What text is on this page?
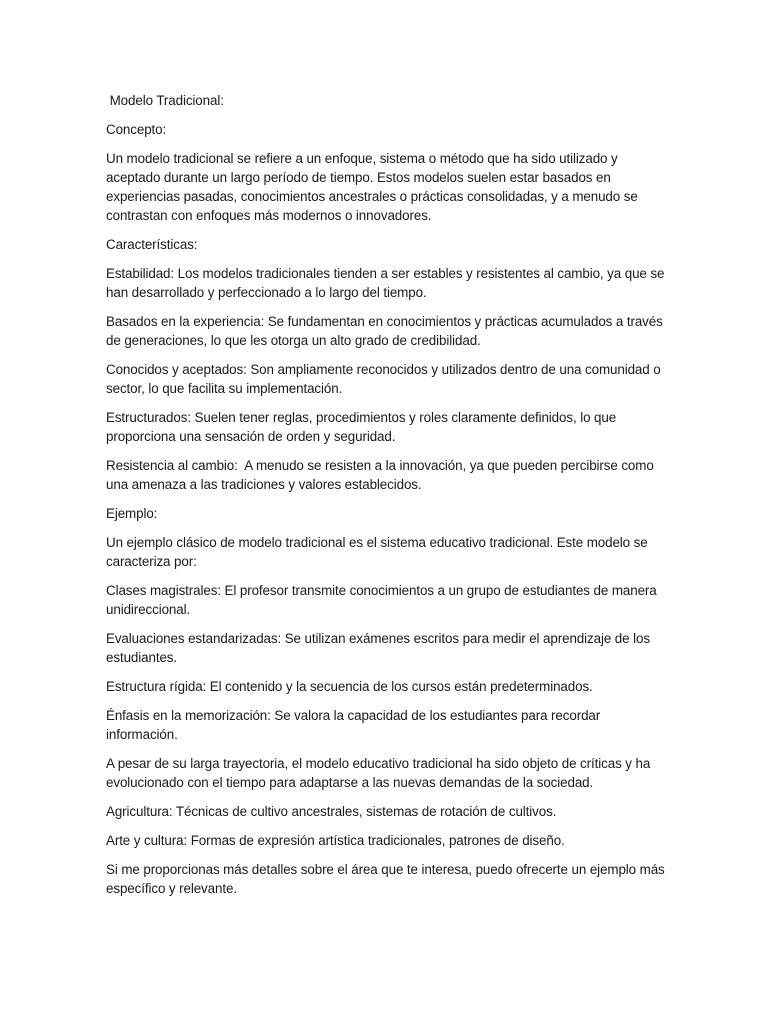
Modelo Tradicional:

Concepto:

Un modelo tradicional se refiere a un enfoque, sistema o método que ha sido utilizado y aceptado durante un largo período de tiempo. Estos modelos suelen estar basados en experiencias pasadas, conocimientos ancestrales o prácticas consolidadas, y a menudo se contrastan con enfoques más modernos o innovadores.

Características:

Estabilidad: Los modelos tradicionales tienden a ser estables y resistentes al cambio, ya que se han desarrollado y perfeccionado a lo largo del tiempo.

Basados en la experiencia: Se fundamentan en conocimientos y prácticas acumulados a través de generaciones, lo que les otorga un alto grado de credibilidad.

Conocidos y aceptados: Son ampliamente reconocidos y utilizados dentro de una comunidad o sector, lo que facilita su implementación.

Estructurados: Suelen tener reglas, procedimientos y roles claramente definidos, lo que proporciona una sensación de orden y seguridad.

Resistencia al cambio:  A menudo se resisten a la innovación, ya que pueden percibirse como una amenaza a las tradiciones y valores establecidos.

Ejemplo:

Un ejemplo clásico de modelo tradicional es el sistema educativo tradicional. Este modelo se caracteriza por:

Clases magistrales: El profesor transmite conocimientos a un grupo de estudiantes de manera unidireccional.

Evaluaciones estandarizadas: Se utilizan exámenes escritos para medir el aprendizaje de los estudiantes.

Estructura rígida: El contenido y la secuencia de los cursos están predeterminados.

Énfasis en la memorización: Se valora la capacidad de los estudiantes para recordar información.

A pesar de su larga trayectoria, el modelo educativo tradicional ha sido objeto de críticas y ha evolucionado con el tiempo para adaptarse a las nuevas demandas de la sociedad.

Agricultura: Técnicas de cultivo ancestrales, sistemas de rotación de cultivos.

Arte y cultura: Formas de expresión artística tradicionales, patrones de diseño.

Si me proporcionas más detalles sobre el área que te interesa, puedo ofrecerte un ejemplo más específico y relevante.
